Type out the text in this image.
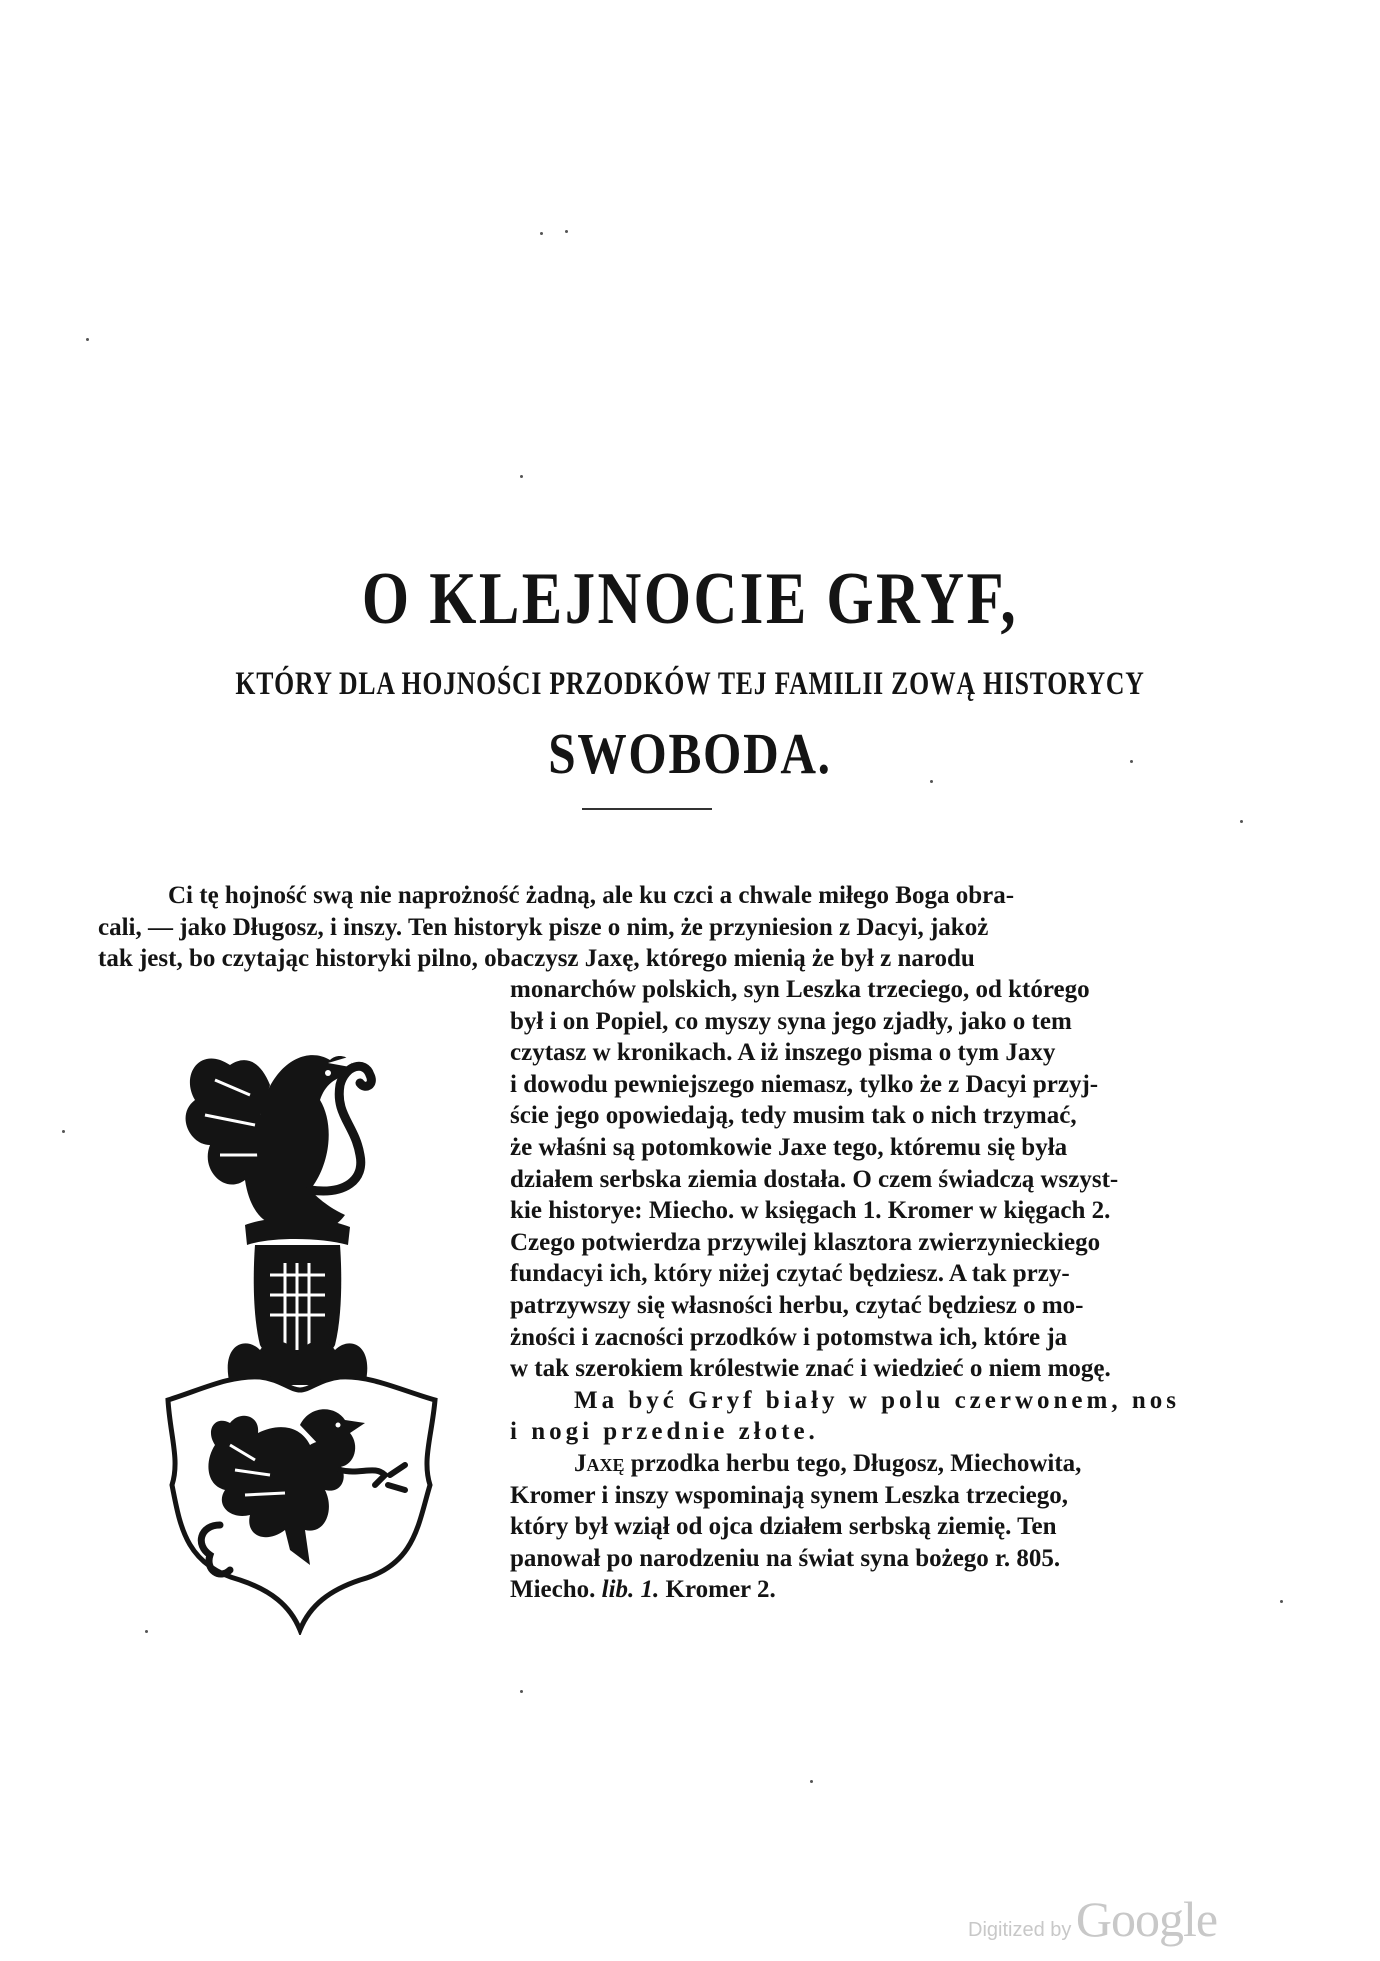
O KLEJNOCIE GRYF,
KTÓRY DLA HOJNOŚCI PRZODKÓW TEJ FAMILII ZOWĄ HISTORYCY
SWOBODA.
Ci tę hojność swą nie naprożność żadną, ale ku czci a chwale miłego Boga obra-
cali, — jako Długosz, i inszy. Ten historyk pisze o nim, że przyniesion z Dacyi, jakoż
tak jest, bo czytając historyki pilno, obaczysz Jaxę, którego mienią że był z narodu
monarchów polskich, syn Leszka trzeciego, od którego
był i on Popiel, co myszy syna jego zjadły, jako o tem
czytasz w kronikach. A iż inszego pisma o tym Jaxy
i dowodu pewniejszego niemasz, tylko że z Dacyi przyj-
ście jego opowiedają, tedy musim tak o nich trzymać,
że właśni są potomkowie Jaxe tego, któremu się była
działem serbska ziemia dostała. O czem świadczą wszyst-
kie historye: Miecho. w księgach 1. Kromer w kięgach 2.
Czego potwierdza przywilej klasztora zwierzynieckiego
fundacyi ich, który niżej czytać będziesz. A tak przy-
patrzywszy się własności herbu, czytać będziesz o mo-
żności i zacności przodków i potomstwa ich, które ja
w tak szerokiem królestwie znać i wiedzieć o niem mogę.
Ma być Gryf biały w polu czerwonem, nos
i nogi przednie złote.
Jaxę przodka herbu tego, Długosz, Miechowita,
Kromer i inszy wspominają synem Leszka trzeciego,
który był wziął od ojca działem serbską ziemię. Ten
panował po narodzeniu na świat syna bożego r. 805.
Miecho. lib. 1. Kromer 2.
Digitized by Google
